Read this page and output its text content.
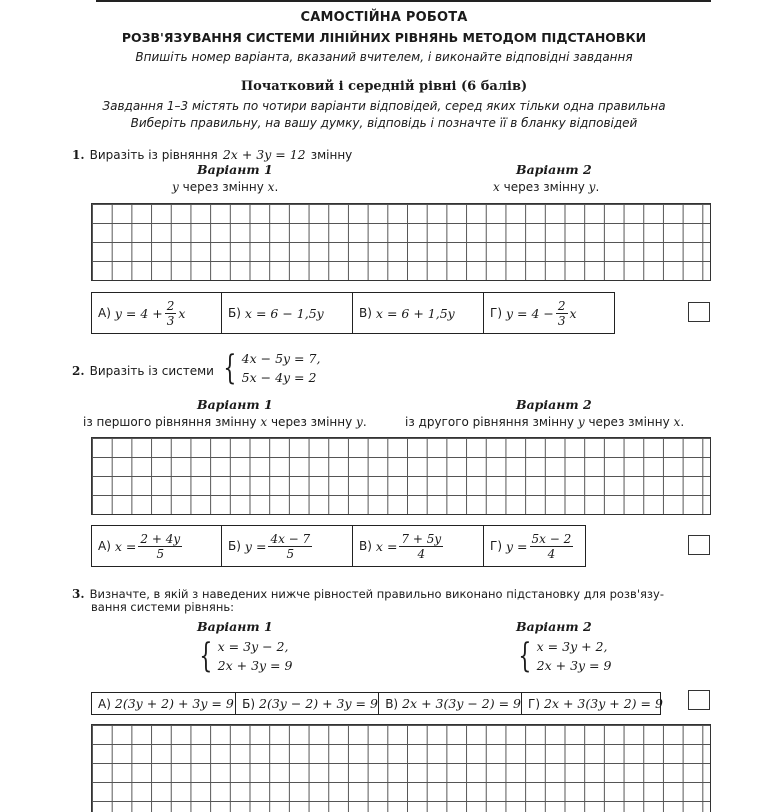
САМОСТІЙНА РОБОТА
РОЗВ'ЯЗУВАННЯ СИСТЕМИ ЛІНІЙНИХ РІВНЯНЬ МЕТОДОМ ПІДСТАНОВКИ
Впишіть номер варіанта, вказаний вчителем, і виконайте відповідні завдання
Початковий і середній рівні (6 балів)
Завдання 1–3 містять по чотири варіанти відповідей, серед яких тільки одна правильна
Виберіть правильну, на вашу думку, відповідь і позначте її в бланку відповідей
1. Виразіть із рівняння 2x + 3y = 12 змінну
Варіант 1	Варіант 2
y через змінну x.	x через змінну y.
А) $y = 4 + \frac{2}{3}$ x	Б) x = 6 − 1,5y	В) x = 6 + 1,5y	Г) $y = 4 - \frac{2}{3}$ x
2. Виразіть із системи { 4x − 5y = 7,
5x − 4y = 2
Варіант 1	Варіант 2
із першого рівняння змінну x через змінну y.	із другого рівняння змінну y через змінну x.
А) $x = \frac{2 + 4y}{5}$	Б) $y = \frac{4x - 7}{5}$	В) $x = \frac{7 + 5y}{4}$	Г) $y = \frac{5x - 2}{4}$
3. Визначте, в якій з наведених нижче рівностей правильно виконано підстановку для розв'язу-
вання системи рівнянь:
Варіант 1	Варіант 2
{ x = 3y − 2,
2x + 3y = 9	{ x = 3y + 2,
2x + 3y = 9
А) 2(3y + 2) + 3y = 9 Б) 2(3y − 2) + 3y = 9 В) 2x + 3(3y − 2) = 9 Г) 2x + 3(3y + 2) = 9
